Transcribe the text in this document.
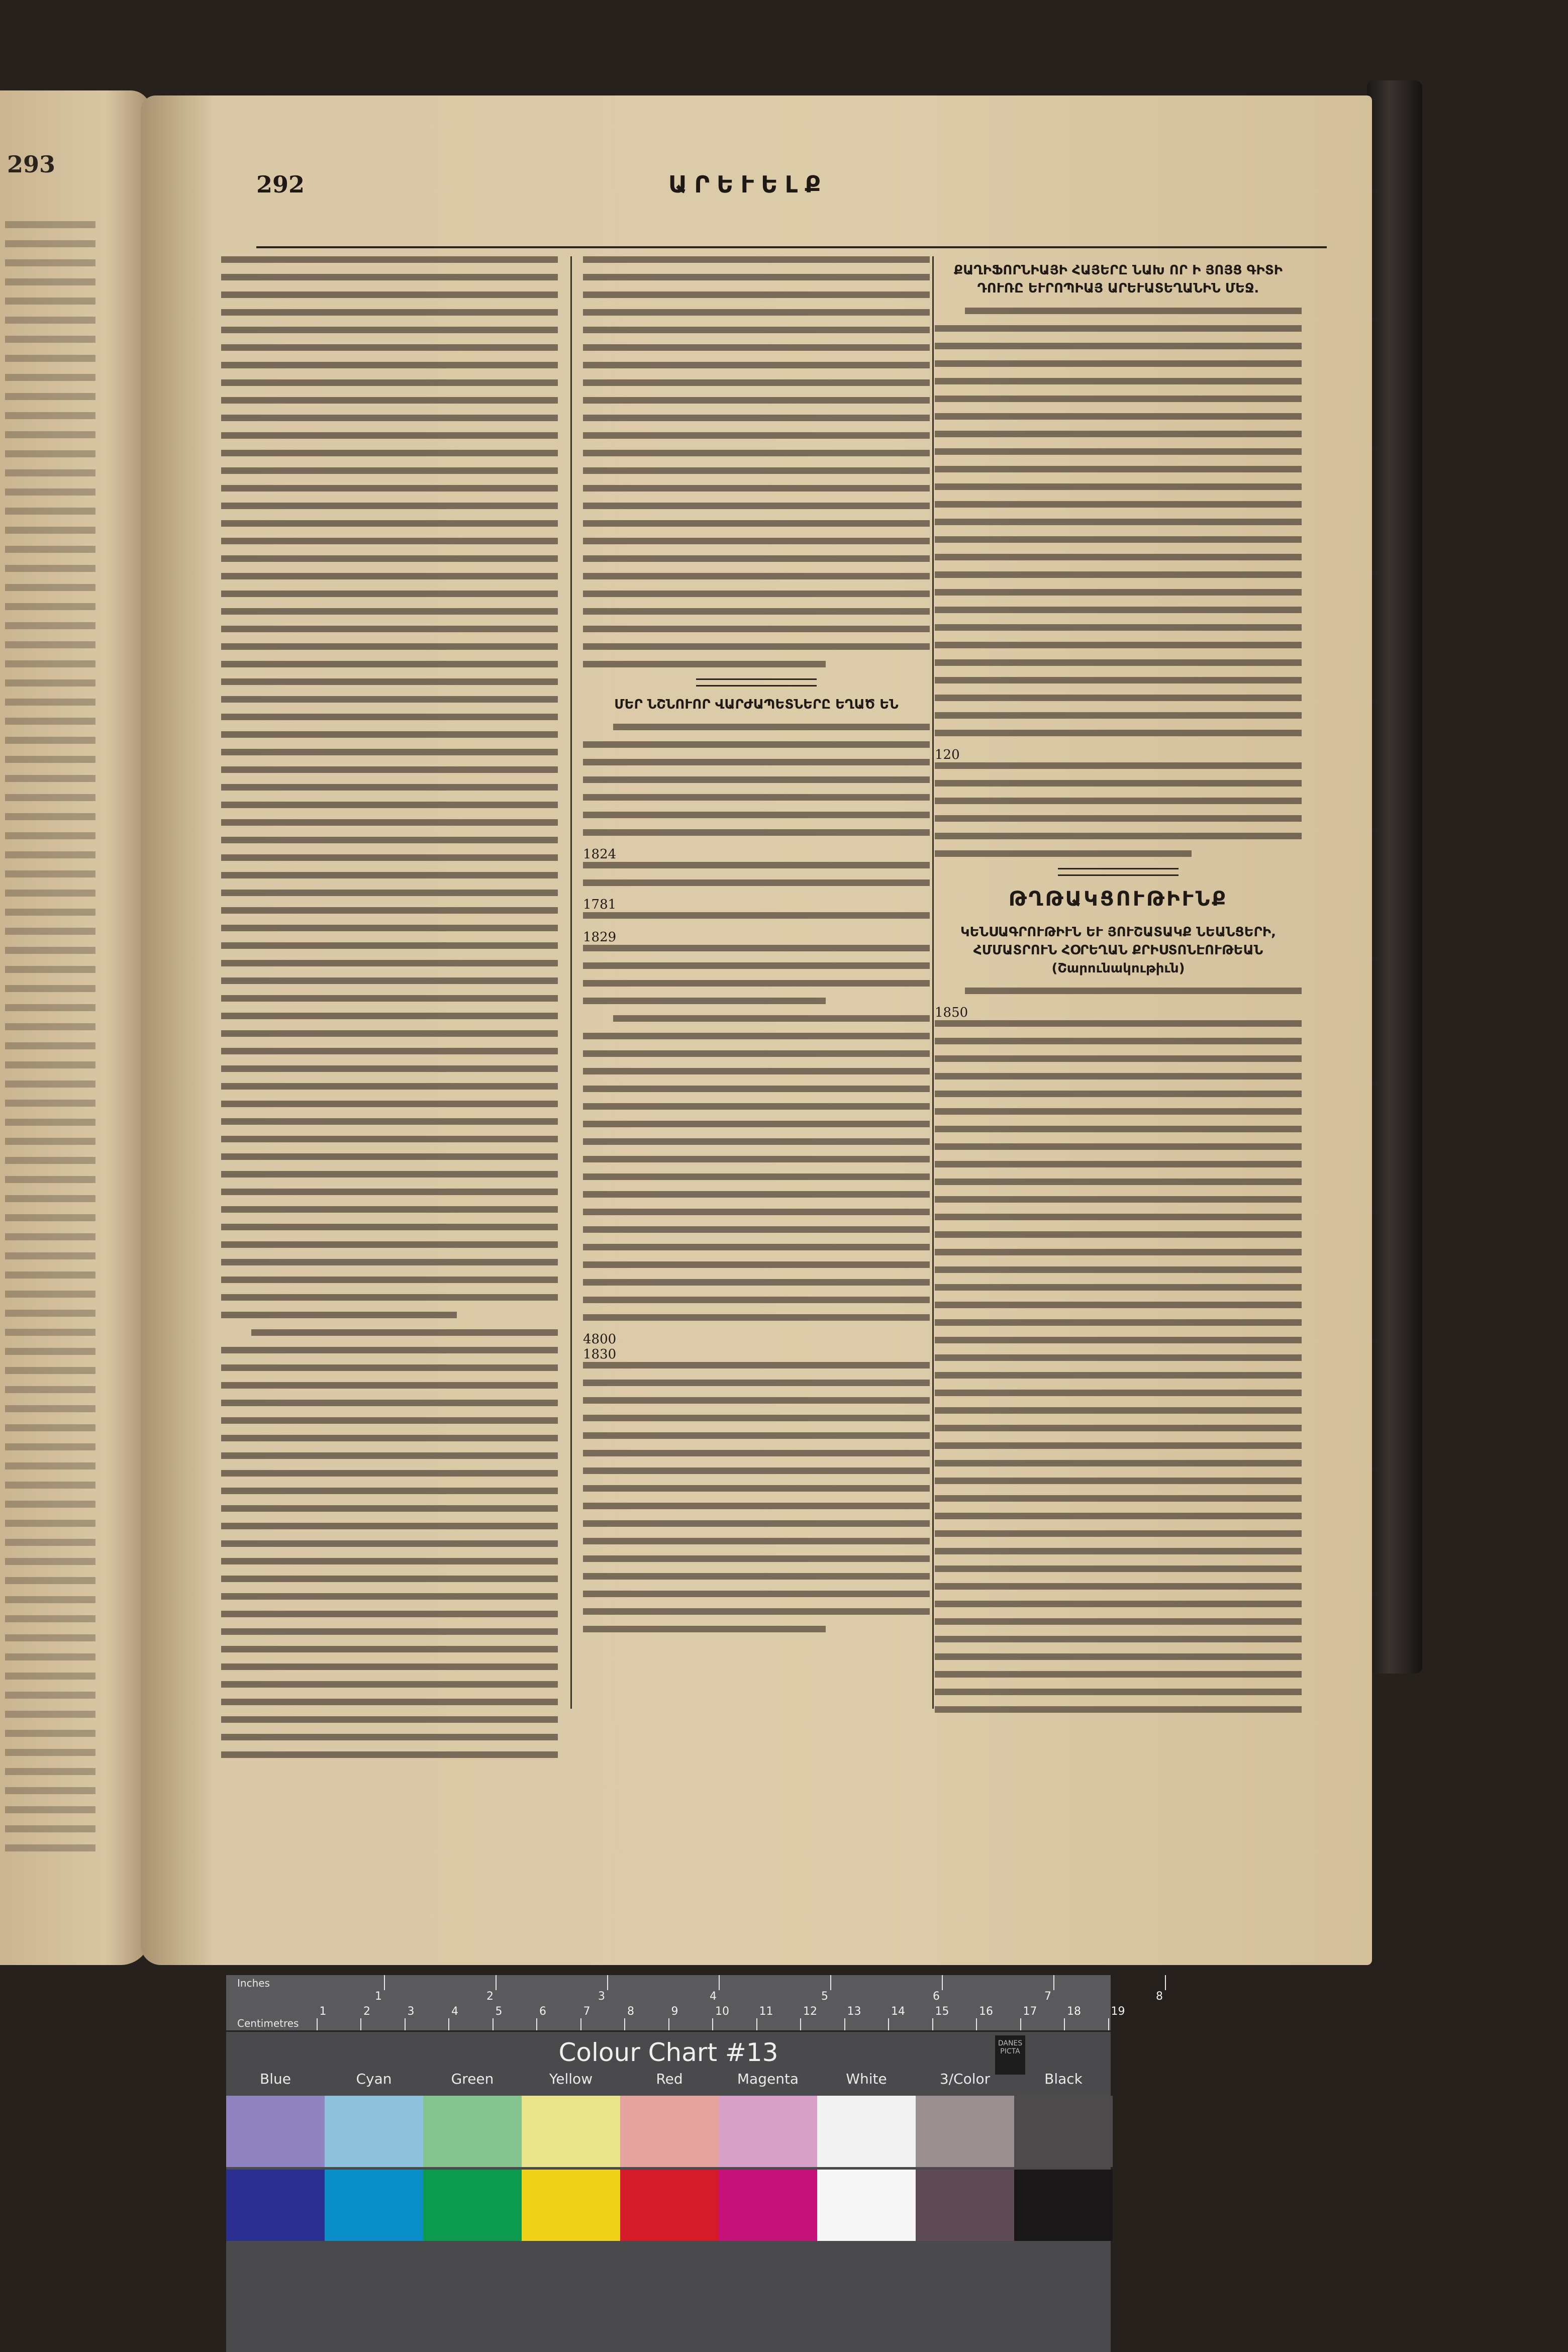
293
292	ԱՐԵՒԵԼՔ
ՄԵՐ ՆՇՆՈՒՈՐ ՎԱՐԺԱՊԵՏՆԵՐԸ ԵՂԱԾ ԵՆ
1824
1781
1829
4800
1830
ՔԱՂԻՖՈՐՆԻԱՅԻ ՀԱՅԵՐԸ ՆԱԽ ՈՐ Ի ՅՈՅՑ ԳԻՏԻ ԴՈՒՌԸ ԵՒՐՈՊԻԱՅ ԱՐԵՒԱՏԵՂԱՆԻՆ ՄԵՋ.
120
ԹՂԹԱԿՑՈՒԹԻՒՆՔ
ԿԵՆՍԱԳՐՈՒԹԻՒՆ ԵՒ ՅՈՒՇԱՏԱԿՔ ՆԵԱՆՑԵՐԻ, ՀՄՄԱՏՐՈՒՆ ՀՕՐԵՂԱՆ ՔՐԻՍՏՈՆԷՈՒԹԵԱՆ (Շարունակութիւն)
1850
Inches
Centimetres
1	2	3	4	5	6	7	8
1	2	3	4	5	6	7	8	9	10	11	12	13	14	15	16	17	18	19
Colour Chart #13	DANES PICTA
Blue	Cyan	Green	Yellow	Red	Magenta	White	3/Color	Black
